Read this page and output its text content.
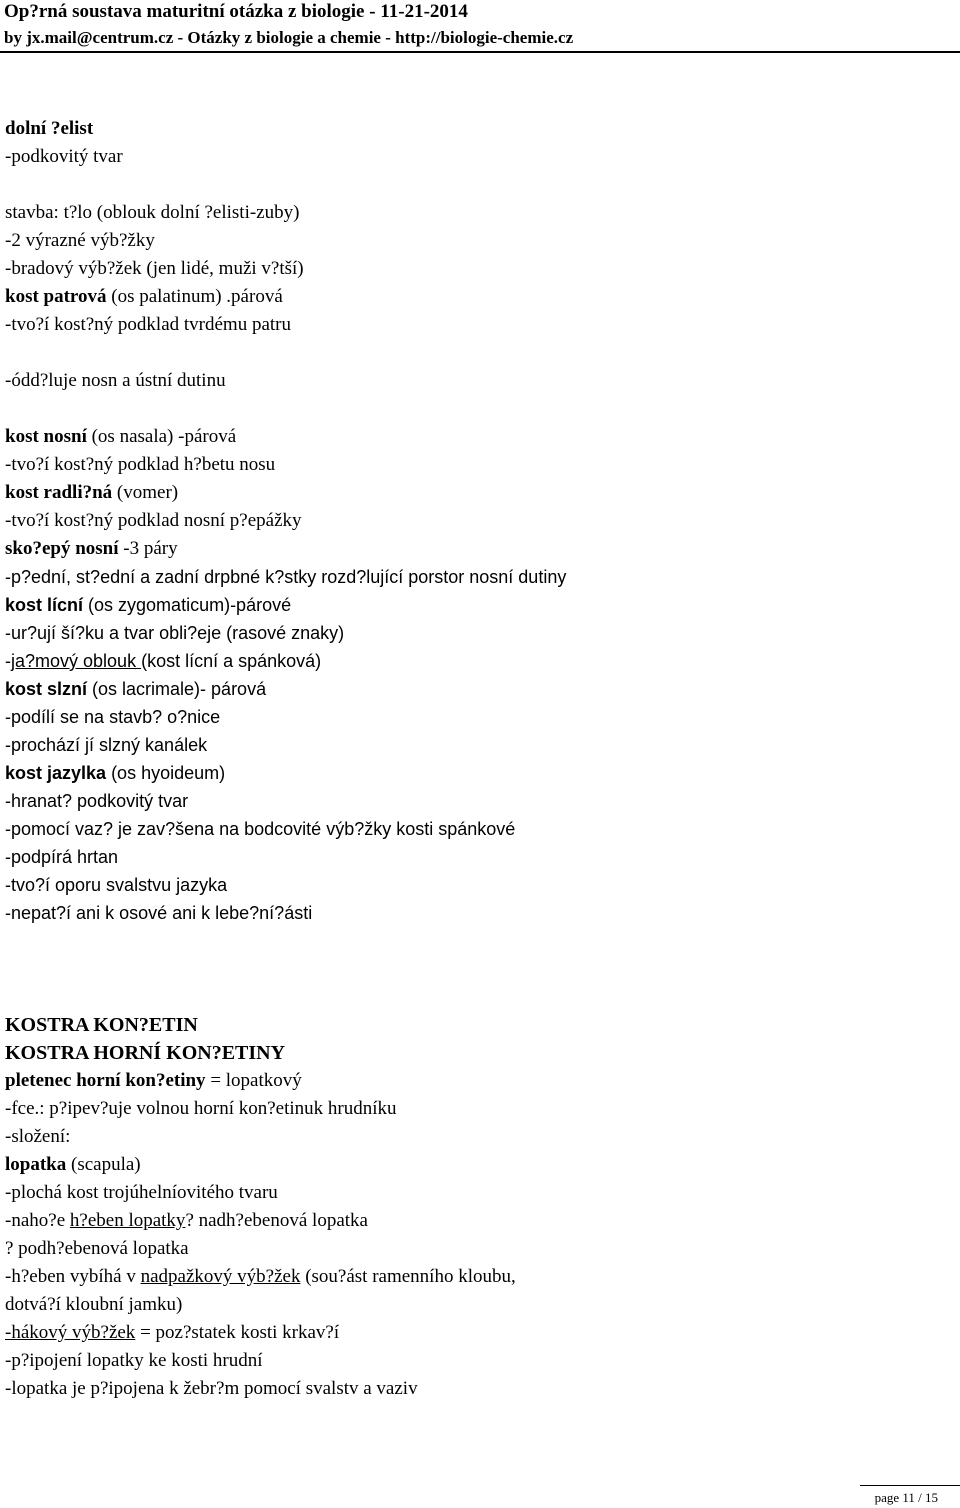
Op?rná soustava maturitní otázka z biologie - 11-21-2014
by jx.mail@centrum.cz - Otázky z biologie a chemie - http://biologie-chemie.cz
dolní ?elist
-podkovitý tvar
stavba: t?lo (oblouk dolní ?elisti-zuby)
-2 výrazné výb?žky
-bradový výb?žek (jen lidé, muži v?tší)
kost patrová (os palatinum) .párová
-tvo?í kost?ný podklad tvrdému patru
-ódd?luje nosn a ústní dutinu
kost nosní (os nasala) -párová
-tvo?í kost?ný podklad h?betu nosu
kost radli?ná (vomer)
-tvo?í kost?ný podklad nosní p?epážky
sko?epý nosní -3 páry
-p?ední, st?ední a zadní drpbné k?stky rozd?lující porstor nosní dutiny
kost lícní (os zygomaticum)-párové
-ur?ují ší?ku a tvar obli?eje (rasové znaky)
-ja?mový oblouk (kost lícní a spánková)
kost slzní (os lacrimale)- párová
-podílí se na stavb? o?nice
-prochází jí slzný kanálek
kost jazylka (os hyoideum)
-hranat? podkovitý tvar
-pomocí vaz? je zav?šena na bodcovité výb?žky kosti spánkové
-podpírá hrtan
-tvo?í oporu svalstvu jazyka
-nepat?í ani k osové ani k lebe?ní?ásti
KOSTRA KON?ETIN
KOSTRA HORNÍ KON?ETINY
pletenec horní kon?etiny = lopatkový
-fce.: p?ipev?uje volnou horní kon?etinuk hrudníku
-složení:
lopatka (scapula)
-plochá kost trojúhelníovitého tvaru
-naho?e h?eben lopatky? nadh?ebenová lopatka
? podh?ebenová lopatka
-h?eben vybíhá v nadpažkový výb?žek (sou?ást ramenního kloubu,
dotvá?í kloubní jamku)
-hákový výb?žek = poz?statek kosti krkav?í
-p?ipojení lopatky ke kosti hrudní
-lopatka je p?ipojena k žebr?m pomocí svalstv a vaziv
page 11 / 15
